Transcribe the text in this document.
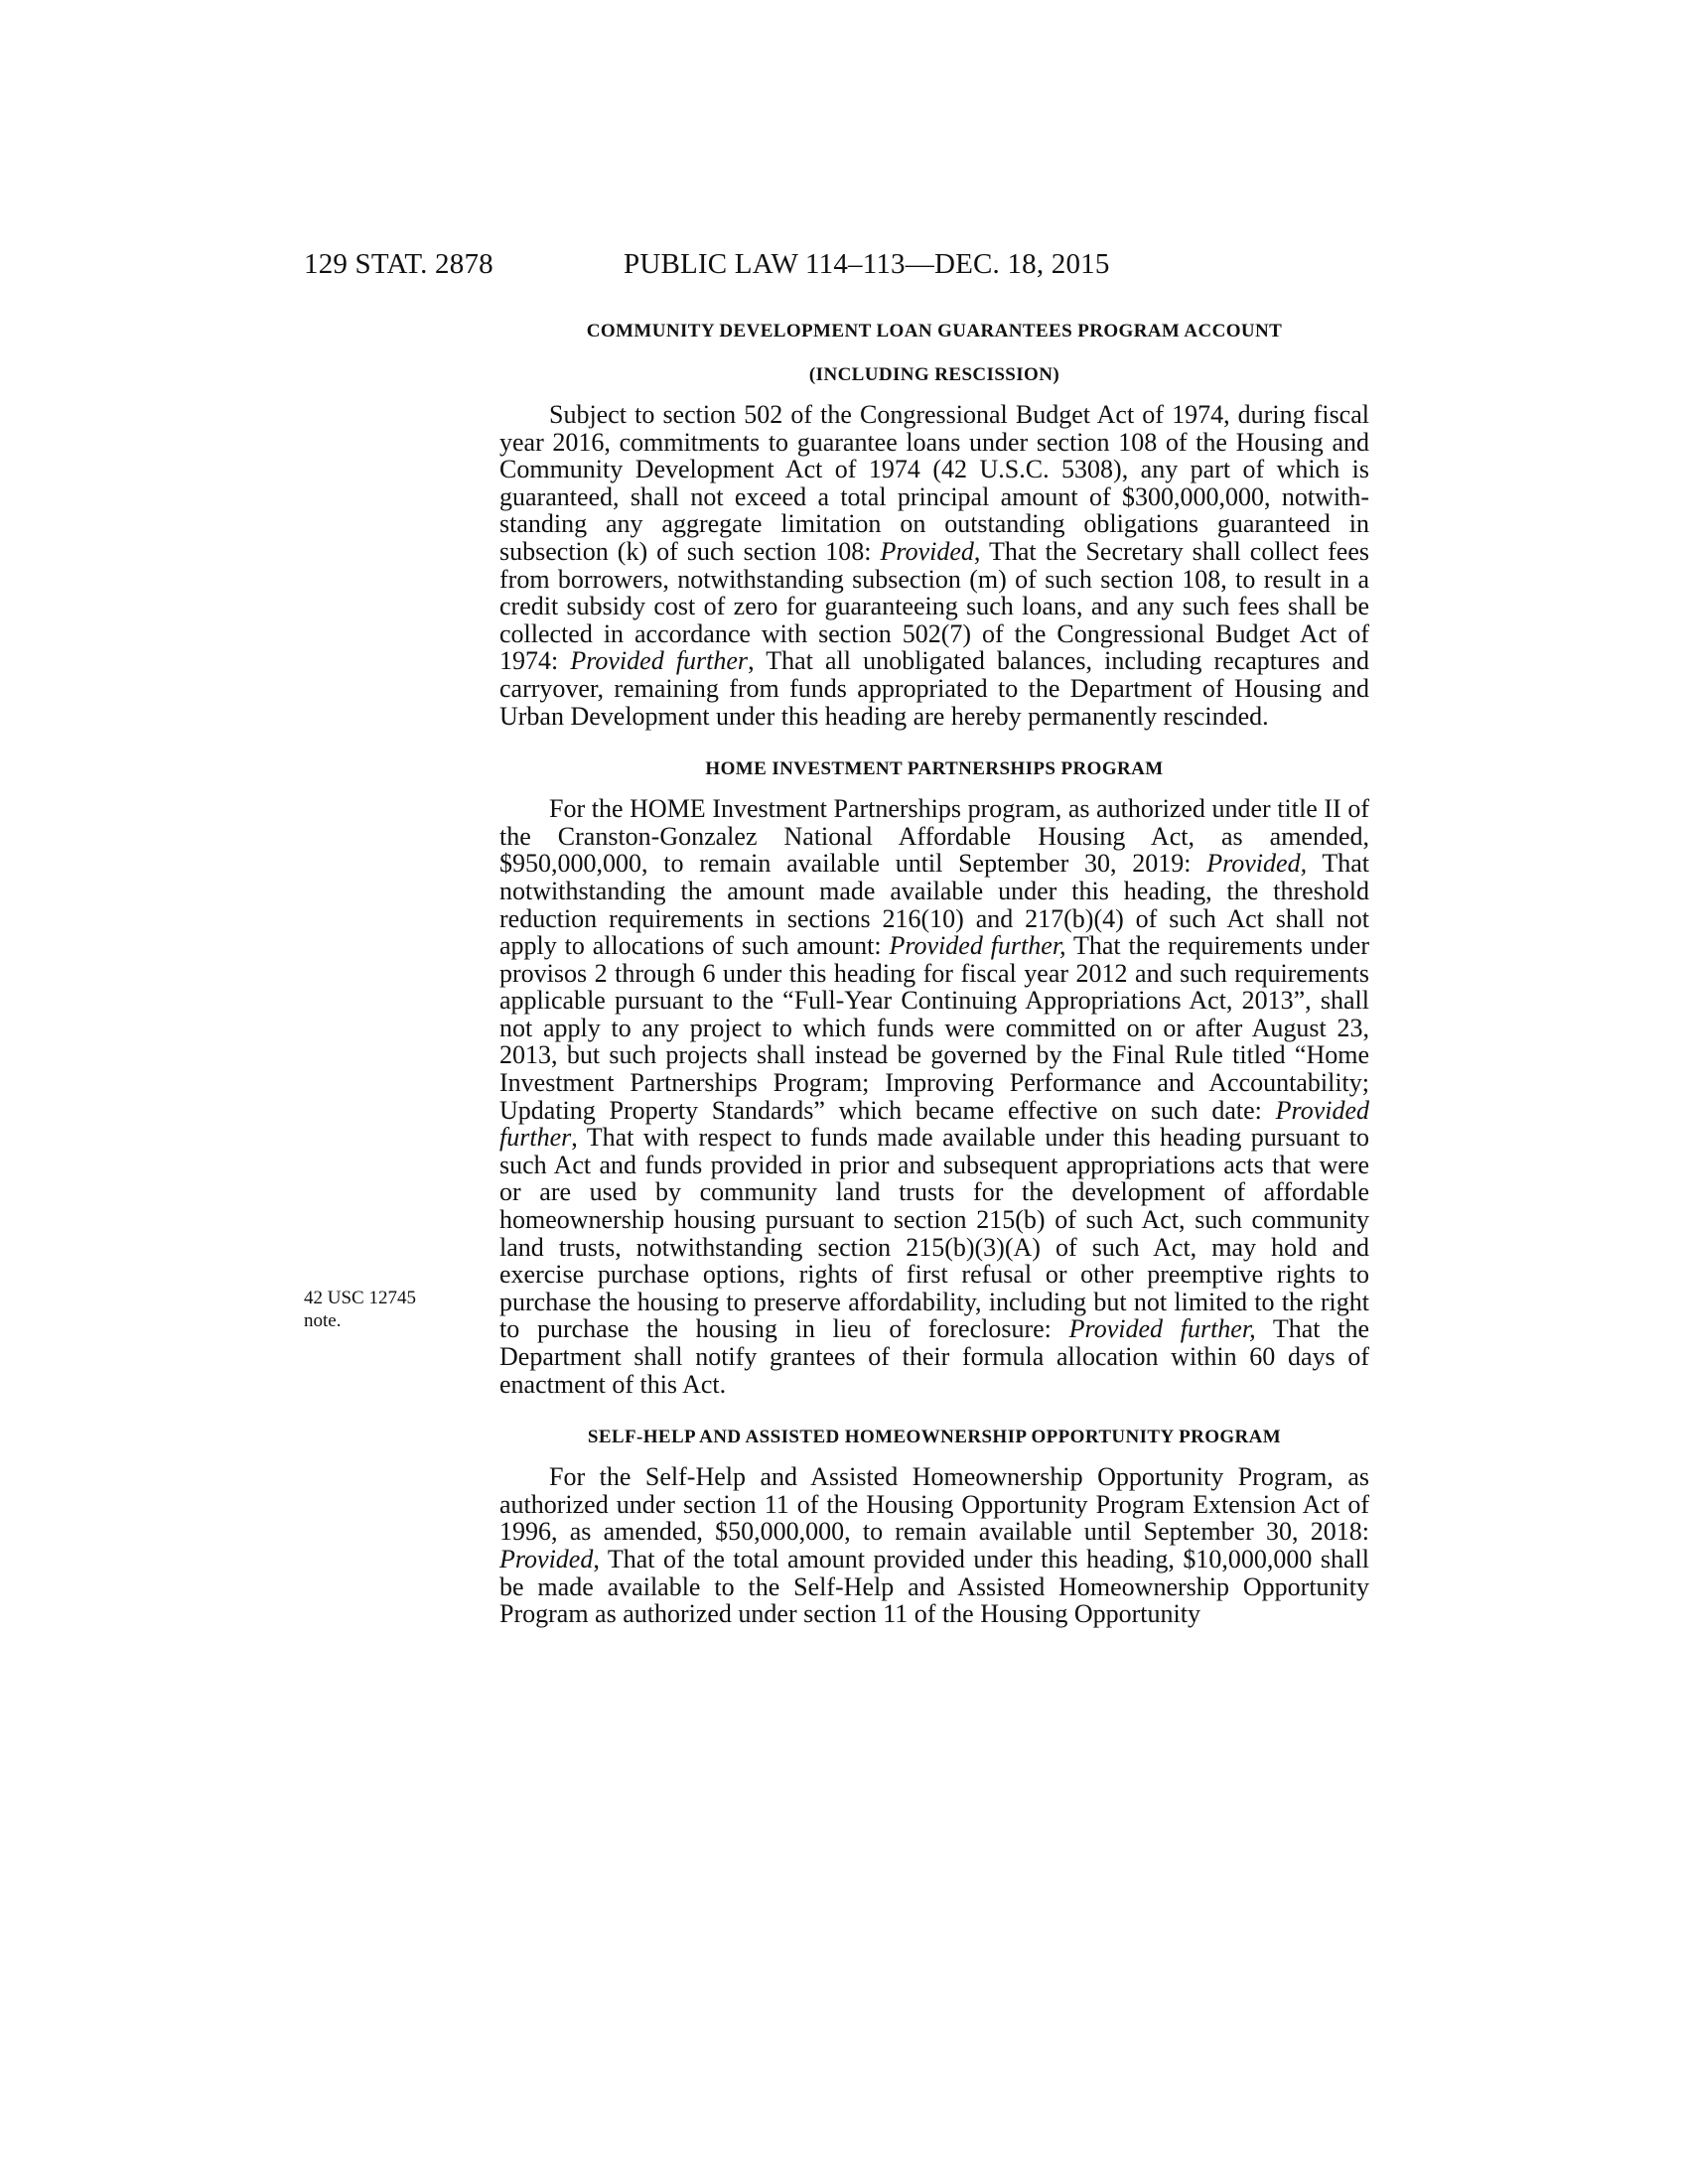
129 STAT. 2878	PUBLIC LAW 114–113—DEC. 18, 2015
42 USC 12745
note.
COMMUNITY DEVELOPMENT LOAN GUARANTEES PROGRAM ACCOUNT
(INCLUDING RESCISSION)

Subject to section 502 of the Congressional Budget Act of 1974, during fiscal year 2016, commitments to guarantee loans under section 108 of the Housing and Community Development Act of 1974 (42 U.S.C. 5308), any part of which is guaranteed, shall not exceed a total principal amount of $300,000,000, notwithstanding any aggregate limitation on outstanding obligations guaranteed in subsection (k) of such section 108: Provided, That the Secretary shall collect fees from borrowers, notwithstanding subsection (m) of such section 108, to result in a credit subsidy cost of zero for guaranteeing such loans, and any such fees shall be collected in accordance with section 502(7) of the Congressional Budget Act of 1974: Provided further, That all unobligated balances, including recaptures and carryover, remaining from funds appropriated to the Department of Housing and Urban Development under this heading are hereby permanently rescinded.

HOME INVESTMENT PARTNERSHIPS PROGRAM

For the HOME Investment Partnerships program, as authorized under title II of the Cranston-Gonzalez National Affordable Housing Act, as amended, $950,000,000, to remain available until September 30, 2019: Provided, That notwithstanding the amount made available under this heading, the threshold reduction requirements in sections 216(10) and 217(b)(4) of such Act shall not apply to allocations of such amount: Provided further, That the requirements under provisos 2 through 6 under this heading for fiscal year 2012 and such requirements applicable pursuant to the “Full-Year Continuing Appropriations Act, 2013”, shall not apply to any project to which funds were committed on or after August 23, 2013, but such projects shall instead be governed by the Final Rule titled “Home Investment Partnerships Program; Improving Performance and Accountability; Updating Property Standards” which became effective on such date: Provided further, That with respect to funds made available under this heading pursuant to such Act and funds provided in prior and subsequent appropriations acts that were or are used by community land trusts for the development of affordable homeownership housing pursuant to section 215(b) of such Act, such community land trusts, notwithstanding section 215(b)(3)(A) of such Act, may hold and exercise purchase options, rights of first refusal or other preemptive rights to purchase the housing to preserve affordability, including but not limited to the right to purchase the housing in lieu of foreclosure: Provided further, That the Department shall notify grantees of their formula allocation within 60 days of enactment of this Act.

SELF-HELP AND ASSISTED HOMEOWNERSHIP OPPORTUNITY PROGRAM

For the Self-Help and Assisted Homeownership Opportunity Program, as authorized under section 11 of the Housing Opportunity Program Extension Act of 1996, as amended, $50,000,000, to remain available until September 30, 2018: Provided, That of the total amount provided under this heading, $10,000,000 shall be made available to the Self-Help and Assisted Homeownership Opportunity Program as authorized under section 11 of the Housing Opportunity
